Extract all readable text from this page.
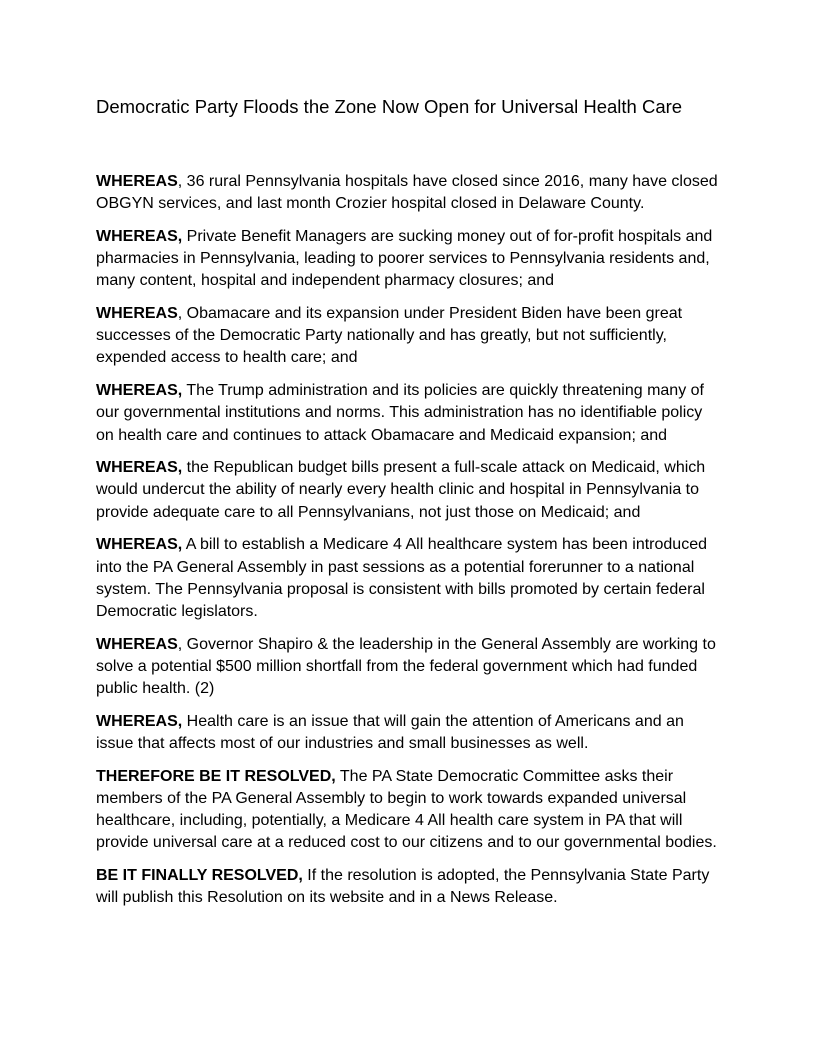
Democratic Party Floods the Zone Now Open for Universal Health Care

WHEREAS, 36 rural Pennsylvania hospitals have closed since 2016, many have closed OBGYN services, and last month Crozier hospital closed in Delaware County.

WHEREAS, Private Benefit Managers are sucking money out of for-profit hospitals and pharmacies in Pennsylvania, leading to poorer services to Pennsylvania residents and, many content, hospital and independent pharmacy closures; and

WHEREAS, Obamacare and its expansion under President Biden have been great successes of the Democratic Party nationally and has greatly, but not sufficiently, expended access to health care; and

WHEREAS, The Trump administration and its policies are quickly threatening many of our governmental institutions and norms. This administration has no identifiable policy on health care and continues to attack Obamacare and Medicaid expansion; and

WHEREAS, the Republican budget bills present a full-scale attack on Medicaid, which would undercut the ability of nearly every health clinic and hospital in Pennsylvania to provide adequate care to all Pennsylvanians, not just those on Medicaid; and

WHEREAS, A bill to establish a Medicare 4 All healthcare system has been introduced into the PA General Assembly in past sessions as a potential forerunner to a national system. The Pennsylvania proposal is consistent with bills promoted by certain federal Democratic legislators.

WHEREAS, Governor Shapiro & the leadership in the General Assembly are working to solve a potential $500 million shortfall from the federal government which had funded public health. (2)

WHEREAS, Health care is an issue that will gain the attention of Americans and an issue that affects most of our industries and small businesses as well.

THEREFORE BE IT RESOLVED, The PA State Democratic Committee asks their members of the PA General Assembly to begin to work towards expanded universal healthcare, including, potentially, a Medicare 4 All health care system in PA that will provide universal care at a reduced cost to our citizens and to our governmental bodies.

BE IT FINALLY RESOLVED, If the resolution is adopted, the Pennsylvania State Party will publish this Resolution on its website and in a News Release.
